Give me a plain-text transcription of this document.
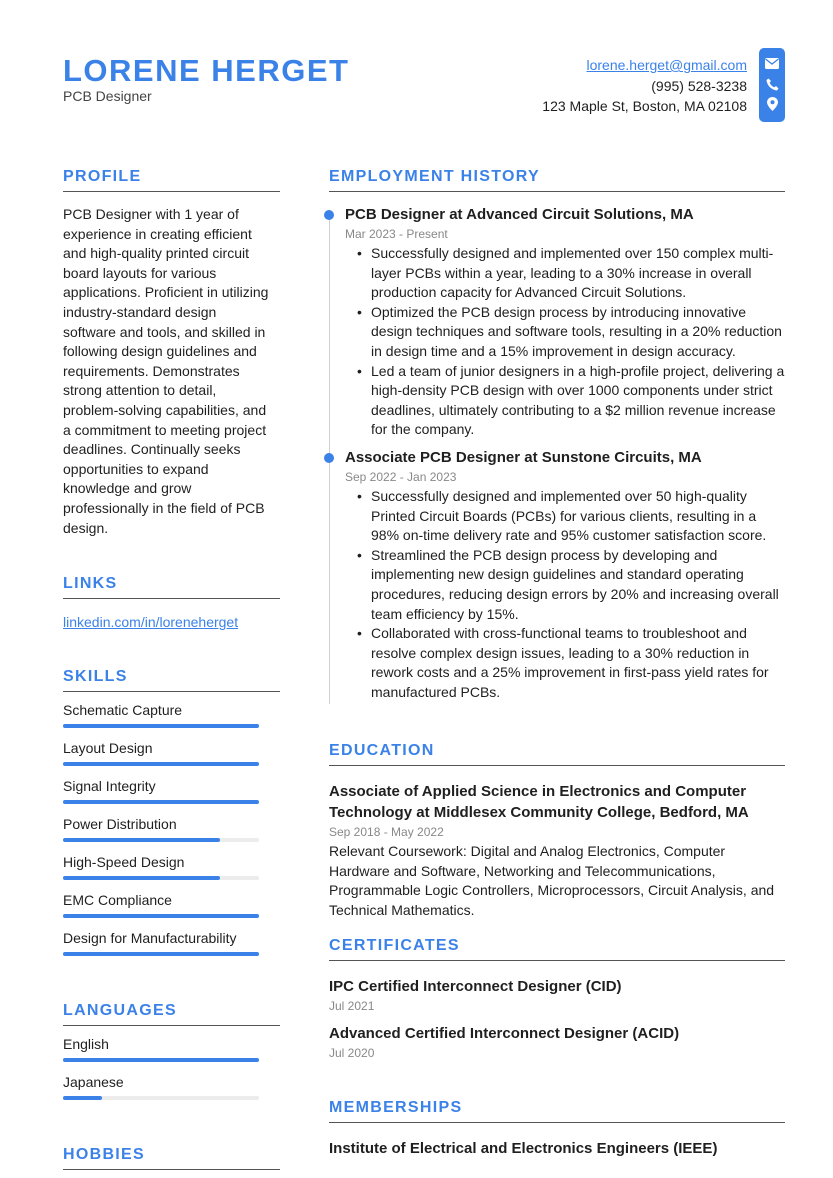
LORENE HERGET
PCB Designer
lorene.herget@gmail.com
(995) 528-3238
123 Maple St, Boston, MA 02108
PROFILE
PCB Designer with 1 year of experience in creating efficient and high-quality printed circuit board layouts for various applications. Proficient in utilizing industry-standard design software and tools, and skilled in following design guidelines and requirements. Demonstrates strong attention to detail, problem-solving capabilities, and a commitment to meeting project deadlines. Continually seeks opportunities to expand knowledge and grow professionally in the field of PCB design.
LINKS
linkedin.com/in/loreneherget
SKILLS
Schematic Capture
Layout Design
Signal Integrity
Power Distribution
High-Speed Design
EMC Compliance
Design for Manufacturability
LANGUAGES
English
Japanese
HOBBIES
EMPLOYMENT HISTORY
PCB Designer at Advanced Circuit Solutions, MA
Mar 2023 - Present
• Successfully designed and implemented over 150 complex multi-layer PCBs within a year, leading to a 30% increase in overall production capacity for Advanced Circuit Solutions.
• Optimized the PCB design process by introducing innovative design techniques and software tools, resulting in a 20% reduction in design time and a 15% improvement in design accuracy.
• Led a team of junior designers in a high-profile project, delivering a high-density PCB design with over 1000 components under strict deadlines, ultimately contributing to a $2 million revenue increase for the company.
Associate PCB Designer at Sunstone Circuits, MA
Sep 2022 - Jan 2023
• Successfully designed and implemented over 50 high-quality Printed Circuit Boards (PCBs) for various clients, resulting in a 98% on-time delivery rate and 95% customer satisfaction score.
• Streamlined the PCB design process by developing and implementing new design guidelines and standard operating procedures, reducing design errors by 20% and increasing overall team efficiency by 15%.
• Collaborated with cross-functional teams to troubleshoot and resolve complex design issues, leading to a 30% reduction in rework costs and a 25% improvement in first-pass yield rates for manufactured PCBs.
EDUCATION
Associate of Applied Science in Electronics and Computer Technology at Middlesex Community College, Bedford, MA
Sep 2018 - May 2022
Relevant Coursework: Digital and Analog Electronics, Computer Hardware and Software, Networking and Telecommunications, Programmable Logic Controllers, Microprocessors, Circuit Analysis, and Technical Mathematics.
CERTIFICATES
IPC Certified Interconnect Designer (CID)
Jul 2021
Advanced Certified Interconnect Designer (ACID)
Jul 2020
MEMBERSHIPS
Institute of Electrical and Electronics Engineers (IEEE)
